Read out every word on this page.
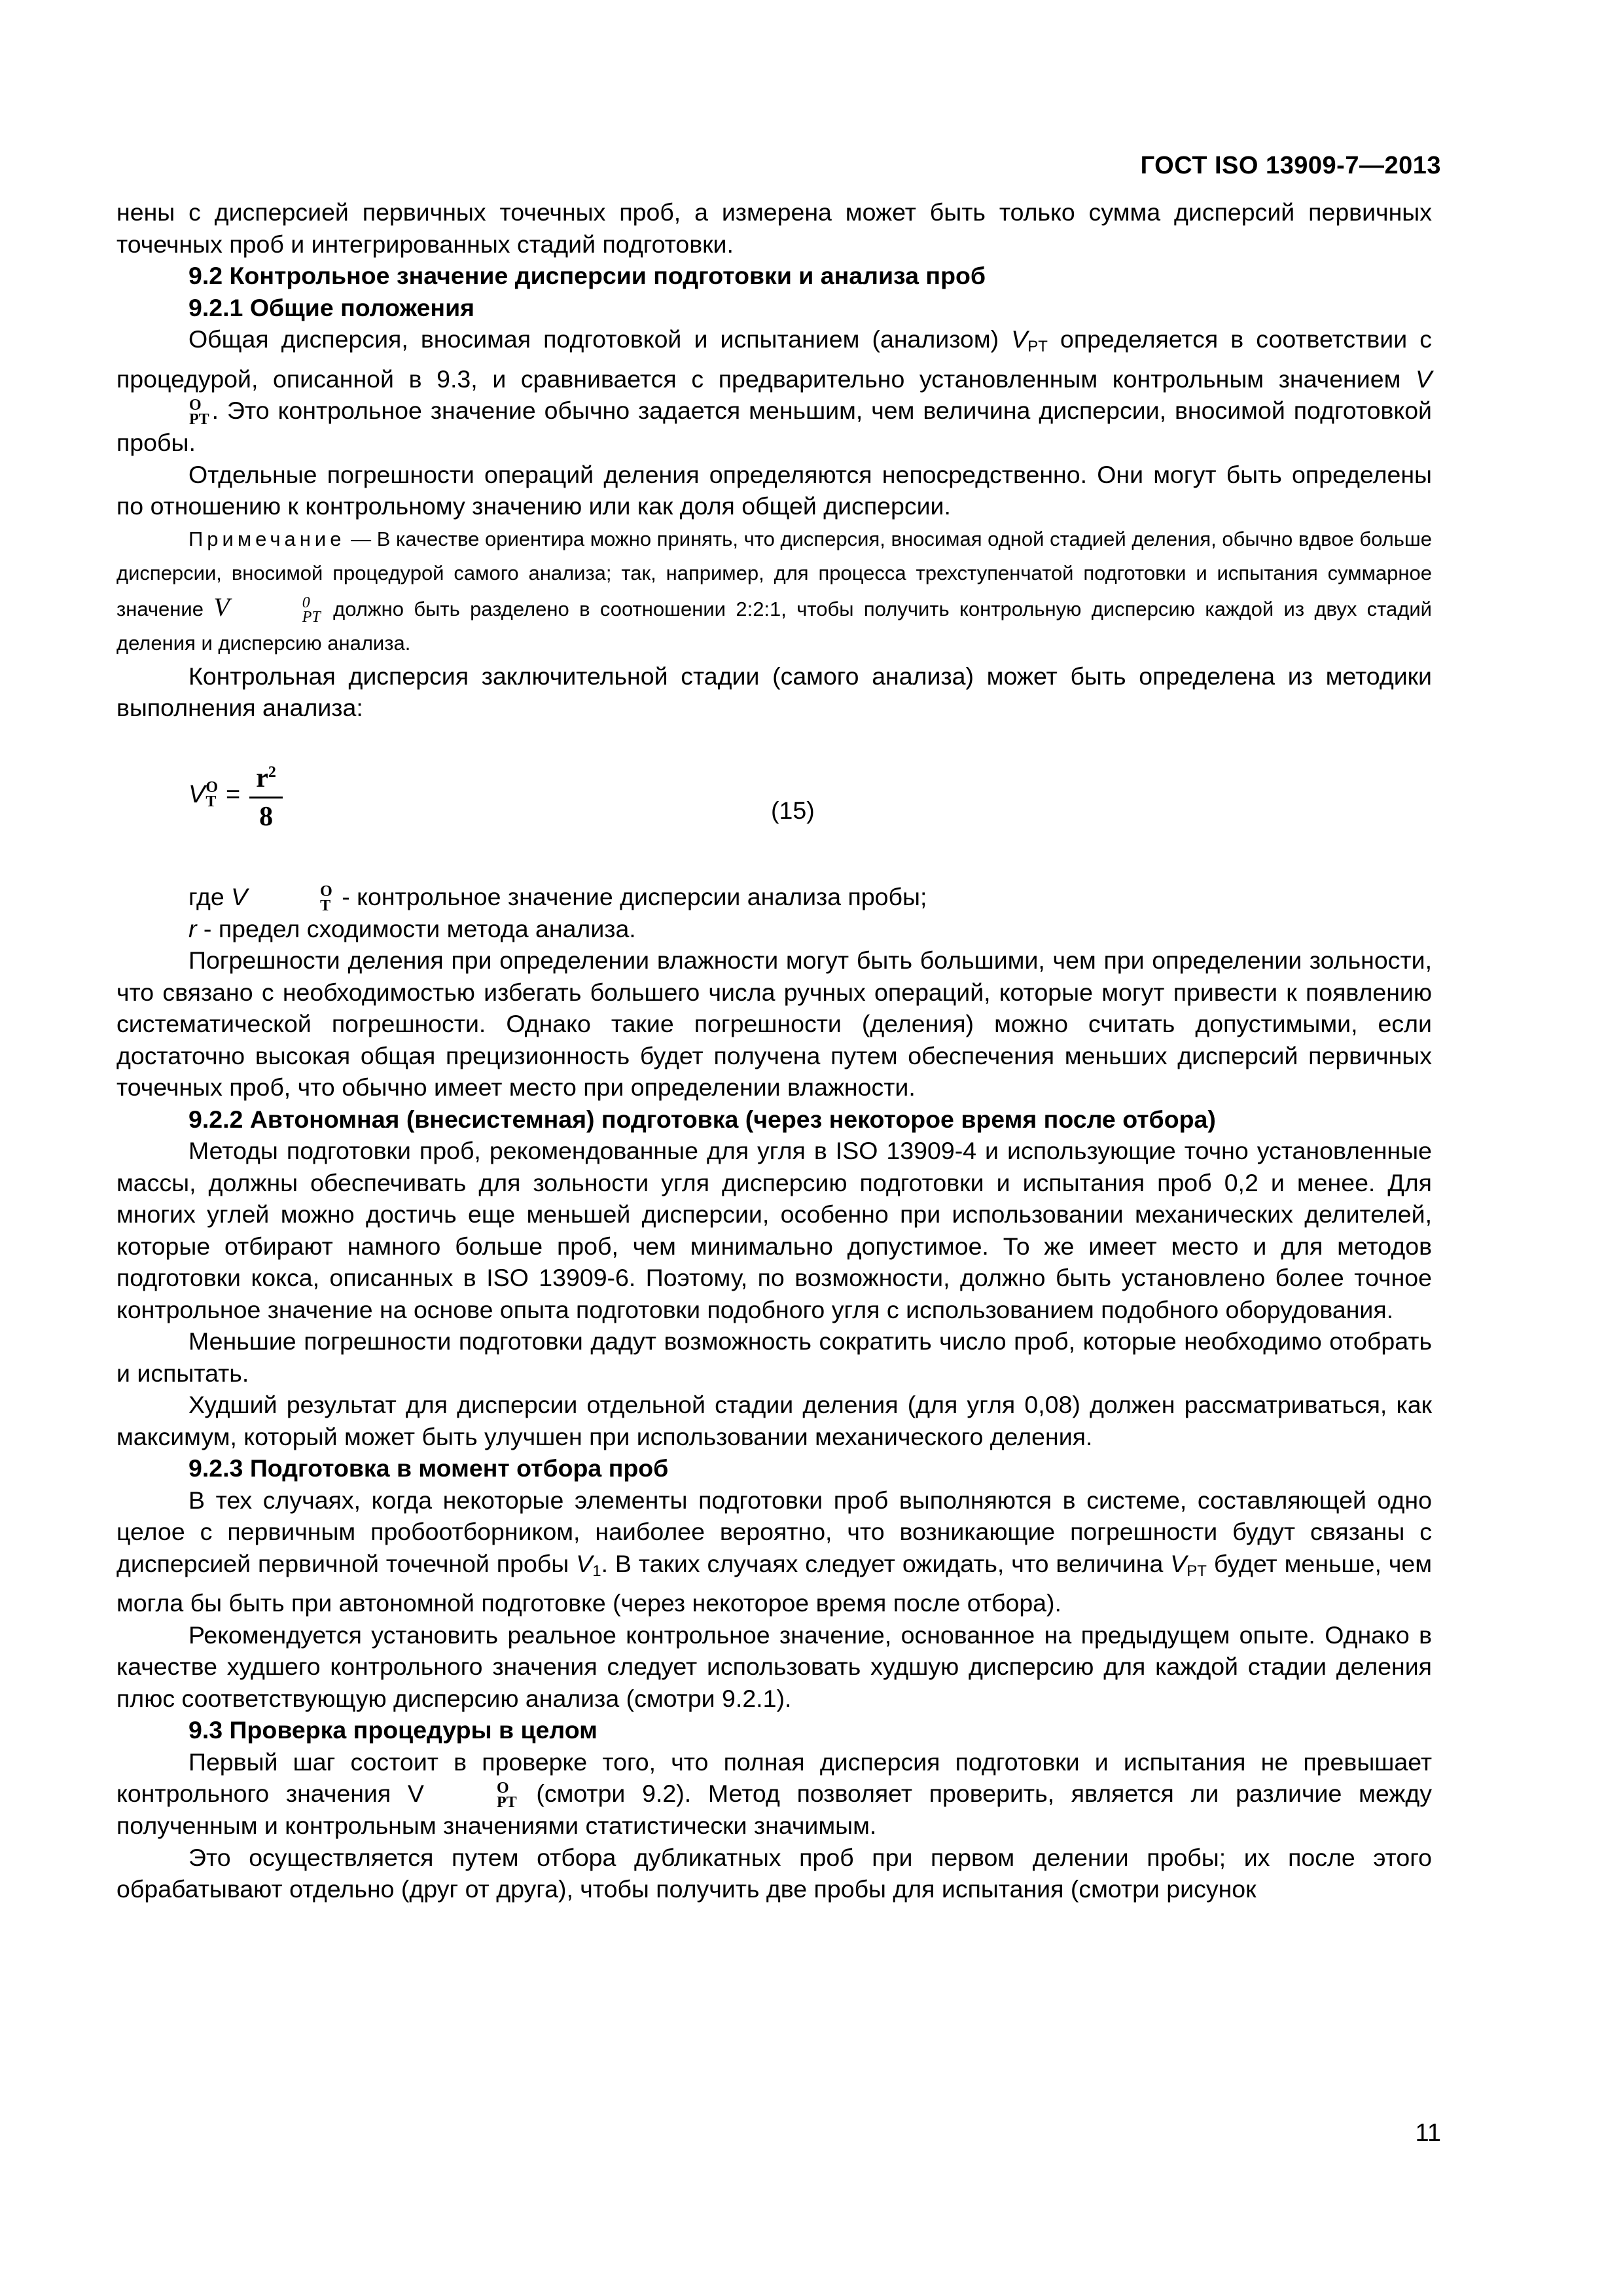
ГОСТ ISO 13909-7—2013

нены с дисперсией первичных точечных проб, а измерена может быть только сумма дисперсий первичных точечных проб и интегрированных стадий подготовки.

9.2 Контрольное значение дисперсии подготовки и анализа проб
9.2.1 Общие положения

Общая дисперсия, вносимая подготовкой и испытанием (анализом) VPT определяется в соответствии с процедурой, описанной в 9.3, и сравнивается с предварительно установленным контрольным значением V
O
PT . Это контрольное значение обычно задается меньшим, чем величина дисперсии, вносимой подготовкой пробы.

Отдельные погрешности операций деления определяются непосредственно. Они могут быть определены по отношению к контрольному значению или как доля общей дисперсии.

Примечание — В качестве ориентира можно принять, что дисперсия, вносимая одной стадией деления, обычно вдвое больше дисперсии, вносимой процедурой самого анализа; так, например, для процесса трехступенчатой подготовки и испытания суммарное значение V	0
PT должно быть разделено в соотношении 2:2:1, чтобы получить контрольную дисперсию каждой из двух стадий деления и дисперсию анализа.

Контрольная дисперсия заключительной стадии (самого анализа) может быть определена из методики выполнения анализа:

V O
$T = \frac{r^2}{8}$	(15)

где V	O
T - контрольное значение дисперсии анализа пробы;

r - предел сходимости метода анализа.

Погрешности деления при определении влажности могут быть большими, чем при определении зольности, что связано с необходимостью избегать большего числа ручных операций, которые могут привести к появлению систематической погрешности. Однако такие погрешности (деления) можно считать допустимыми, если достаточно высокая общая прецизионность будет получена путем обеспечения меньших дисперсий первичных точечных проб, что обычно имеет место при определении влажности.

9.2.2 Автономная (внесистемная) подготовка (через некоторое время после отбора)

Методы подготовки проб, рекомендованные для угля в ISO 13909-4 и использующие точно установленные массы, должны обеспечивать для зольности угля дисперсию подготовки и испытания проб 0,2 и менее. Для многих углей можно достичь еще меньшей дисперсии, особенно при использовании механических делителей, которые отбирают намного больше проб, чем минимально допустимое. То же имеет место и для методов подготовки кокса, описанных в ISO 13909-6. Поэтому, по возможности, должно быть установлено более точное контрольное значение на основе опыта подготовки подобного угля с использованием подобного оборудования.

Меньшие погрешности подготовки дадут возможность сократить число проб, которые необходимо отобрать и испытать.

Худший результат для дисперсии отдельной стадии деления (для угля 0,08) должен рассматриваться, как максимум, который может быть улучшен при использовании механического деления.

9.2.3 Подготовка в момент отбора проб

В тех случаях, когда некоторые элементы подготовки проб выполняются в системе, составляющей одно целое с первичным пробоотборником, наиболее вероятно, что возникающие погрешности будут связаны с дисперсией первичной точечной пробы V1. В таких случаях следует ожидать, что величина VPT будет меньше, чем могла бы быть при автономной подготовке (через некоторое время после отбора).

Рекомендуется установить реальное контрольное значение, основанное на предыдущем опыте. Однако в качестве худшего контрольного значения следует использовать худшую дисперсию для каждой стадии деления плюс соответствующую дисперсию анализа (смотри 9.2.1).

9.3 Проверка процедуры в целом

Первый шаг состоит в проверке того, что полная дисперсия подготовки и испытания не превышает контрольного значения V	O
PT (смотри 9.2). Метод позволяет проверить, является ли различие между полученным и контрольным значениями статистически значимым.

Это осуществляется путем отбора дубликатных проб при первом делении пробы; их после этого обрабатывают отдельно (друг от друга), чтобы получить две пробы для испытания (смотри рисунок

11
